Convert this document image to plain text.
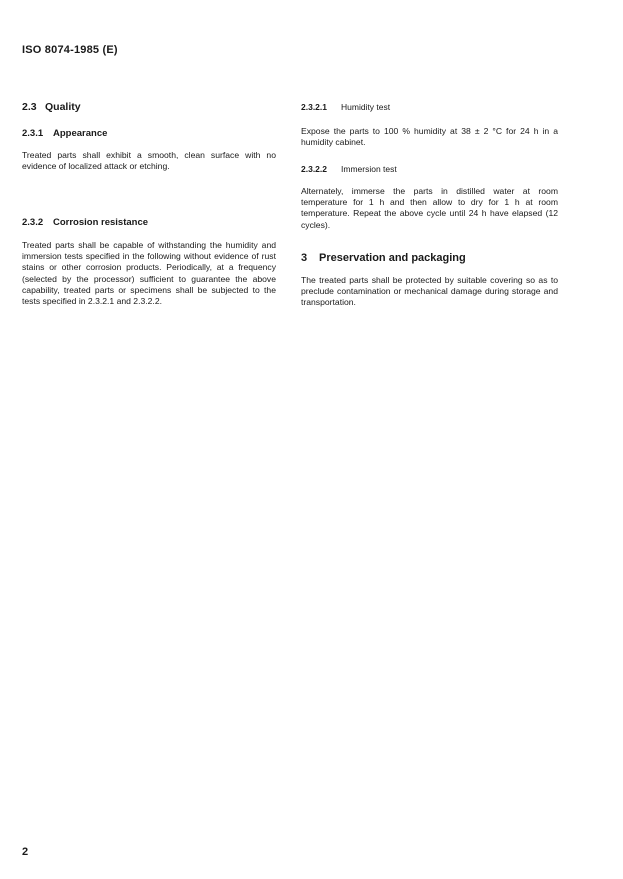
ISO 8074-1985 (E)
2.3 Quality
2.3.1 Appearance
Treated parts shall exhibit a smooth, clean surface with no evidence of localized attack or etching.
2.3.2 Corrosion resistance
Treated parts shall be capable of withstanding the humidity and immersion tests specified in the following without evidence of rust stains or other corrosion products. Periodically, at a frequency (selected by the processor) sufficient to guarantee the above capability, treated parts or specimens shall be subjected to the tests specified in 2.3.2.1 and 2.3.2.2.
2.3.2.1 Humidity test
Expose the parts to 100 % humidity at 38 ± 2 °C for 24 h in a humidity cabinet.
2.3.2.2 Immersion test
Alternately, immerse the parts in distilled water at room temperature for 1 h and then allow to dry for 1 h at room temperature. Repeat the above cycle until 24 h have elapsed (12 cycles).
3 Preservation and packaging
The treated parts shall be protected by suitable covering so as to preclude contamination or mechanical damage during storage and transportation.
2
